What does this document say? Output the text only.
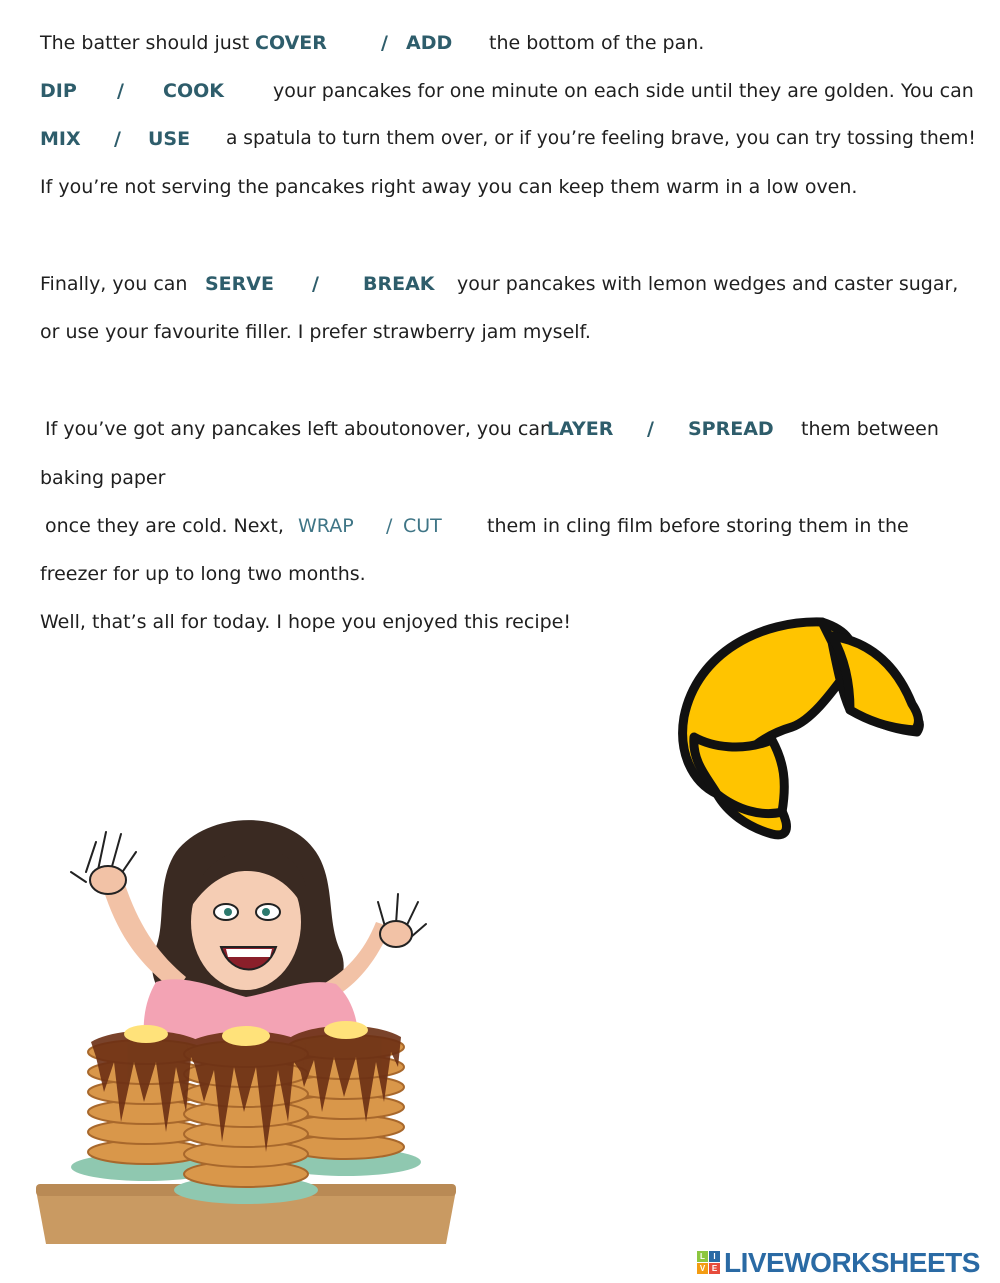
The batter should just COVER	/ ADD the bottom of the pan.
DIP / COOK	your pancakes for one minute on each side until they are golden. You can
MIX / USE a spatula to turn them over, or if you’re feeling brave, you can try tossing them!
If you’re not serving the pancakes right away you can keep them warm in a low oven.
Finally, you can SERVE / BREAK your pancakes with lemon wedges and caster sugar,
or use your favourite filler. I prefer strawberry jam myself.
If you’ve got any pancakes left aboutonover, you can
LAYER / SPREAD them between
baking paper
once they are cold. Next, WRAP / CUT them in cling film before storing them in the
freezer for up to long two months.
Well, that’s all for today. I hope you enjoyed this recipe!
L	I
V E LIVEWORKSHEETS
